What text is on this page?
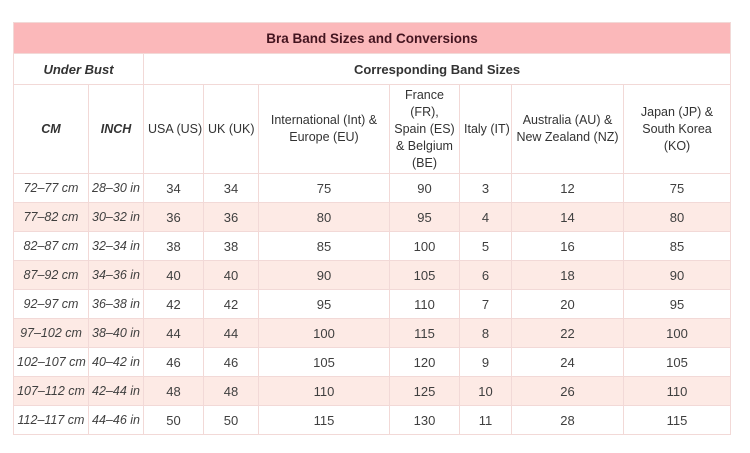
Bra Band Sizes and Conversions								
Under Bust		Corresponding Band Sizes						
CM	INCH	USA (US)	UK (UK)	International (Int) & Europe (EU)	France (FR), Spain (ES) & Belgium (BE)	Italy (IT)	Australia (AU) & New Zealand (NZ)	Japan (JP) & South Korea (KO)
72–77 cm	28–30 in	34	34	75	90	3	12	75
77–82 cm	30–32 in	36	36	80	95	4	14	80
82–87 cm	32–34 in	38	38	85	100	5	16	85
87–92 cm	34–36 in	40	40	90	105	6	18	90
92–97 cm	36–38 in	42	42	95	110	7	20	95
97–102 cm	38–40 in	44	44	100	115	8	22	100
102–107 cm	40–42 in	46	46	105	120	9	24	105
107–112 cm	42–44 in	48	48	110	125	10	26	110
112–117 cm	44–46 in	50	50	115	130	11	28	115
